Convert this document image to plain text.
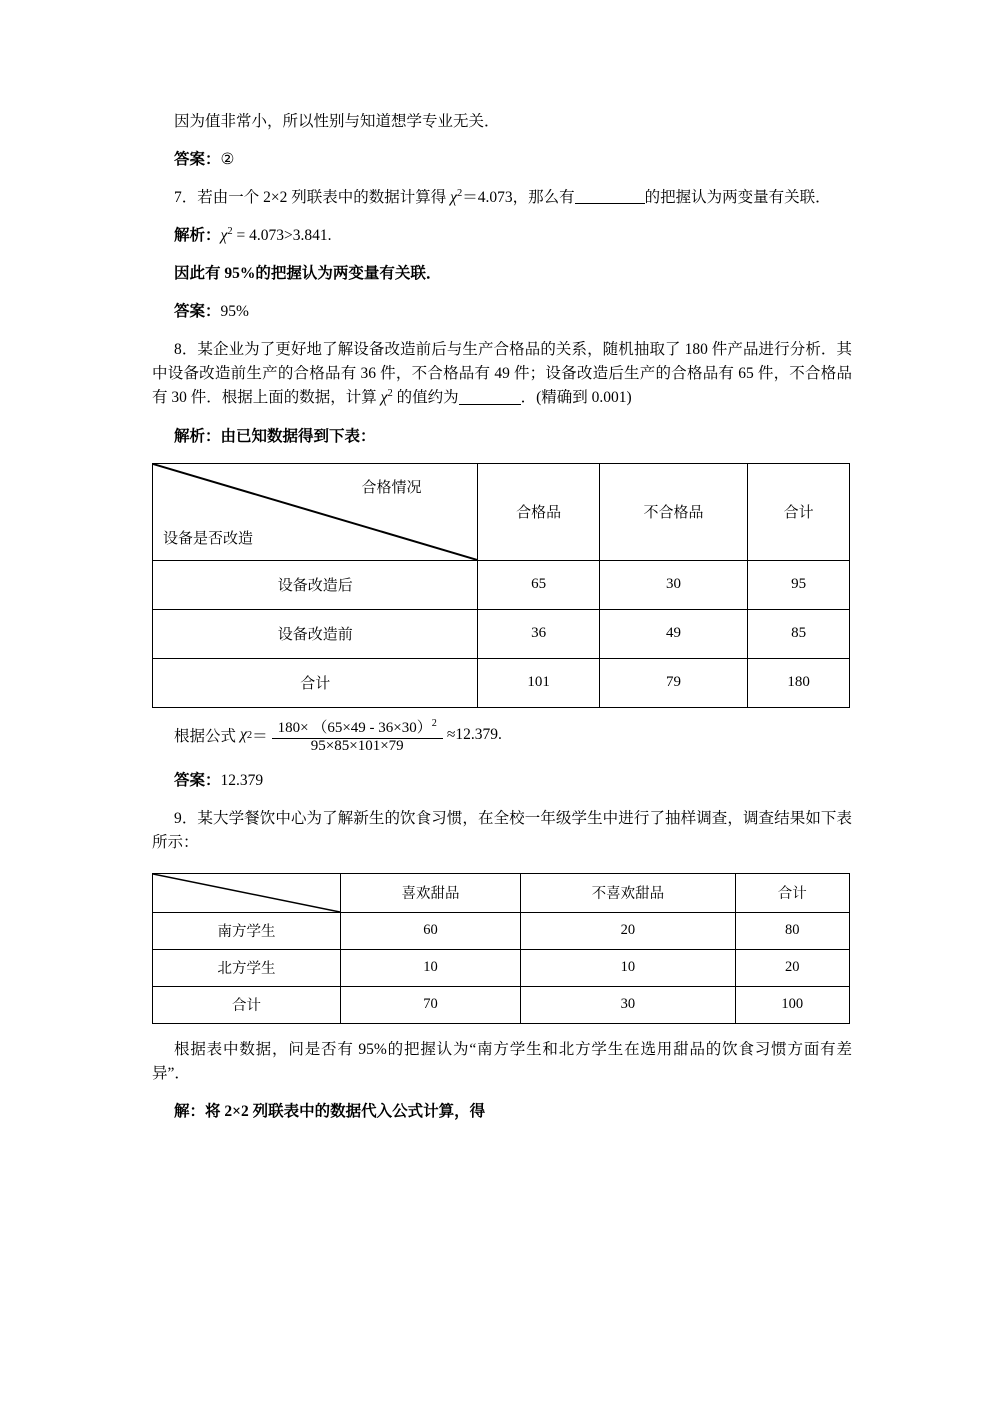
因为值非常小，所以性别与知道想学专业无关．

答案：②

7．若由一个 2×2 列联表中的数据计算得 $\chi^2=4.073$，那么有	的把握认为两变量有关联．

解析：$\chi^2 = 4.073>3.841$.

因此有 95%的把握认为两变量有关联．

答案：95%

8．某企业为了更好地了解设备改造前后与生产合格品的关系，随机抽取了 180 件产品进行分析．其中设备改造前生产的合格品有 36 件，不合格品有 49 件；设备改造后生产的合格品有 65 件，不合格品有 30 件．根据上面的数据，计算 $\chi^2$ 的值约为	．(精确到 0.001)

解析：由已知数据得到下表：

合格情况
设备是否改造	合格品	不合格品	合计
设备改造后	65	30	95
设备改造前	36	49	85
合计	101	79	180
根据公式 χ $2 = \frac{180\times (65\times 49 - 36\times 30)^2}{95\times 85\times 101\times 79} \approx 12.379$.

答案：12.379

9．某大学餐饮中心为了解新生的饮食习惯，在全校一年级学生中进行了抽样调查，调查结果如下表所示：

	喜欢甜品	不喜欢甜品	合计
南方学生	60	20	80
北方学生	10	10	20
合计	70	30	100

根据表中数据，问是否有 95%的把握认为“南方学生和北方学生在选用甜品的饮食习惯方面有差异”．

解：将 2×2 列联表中的数据代入公式计算，得
